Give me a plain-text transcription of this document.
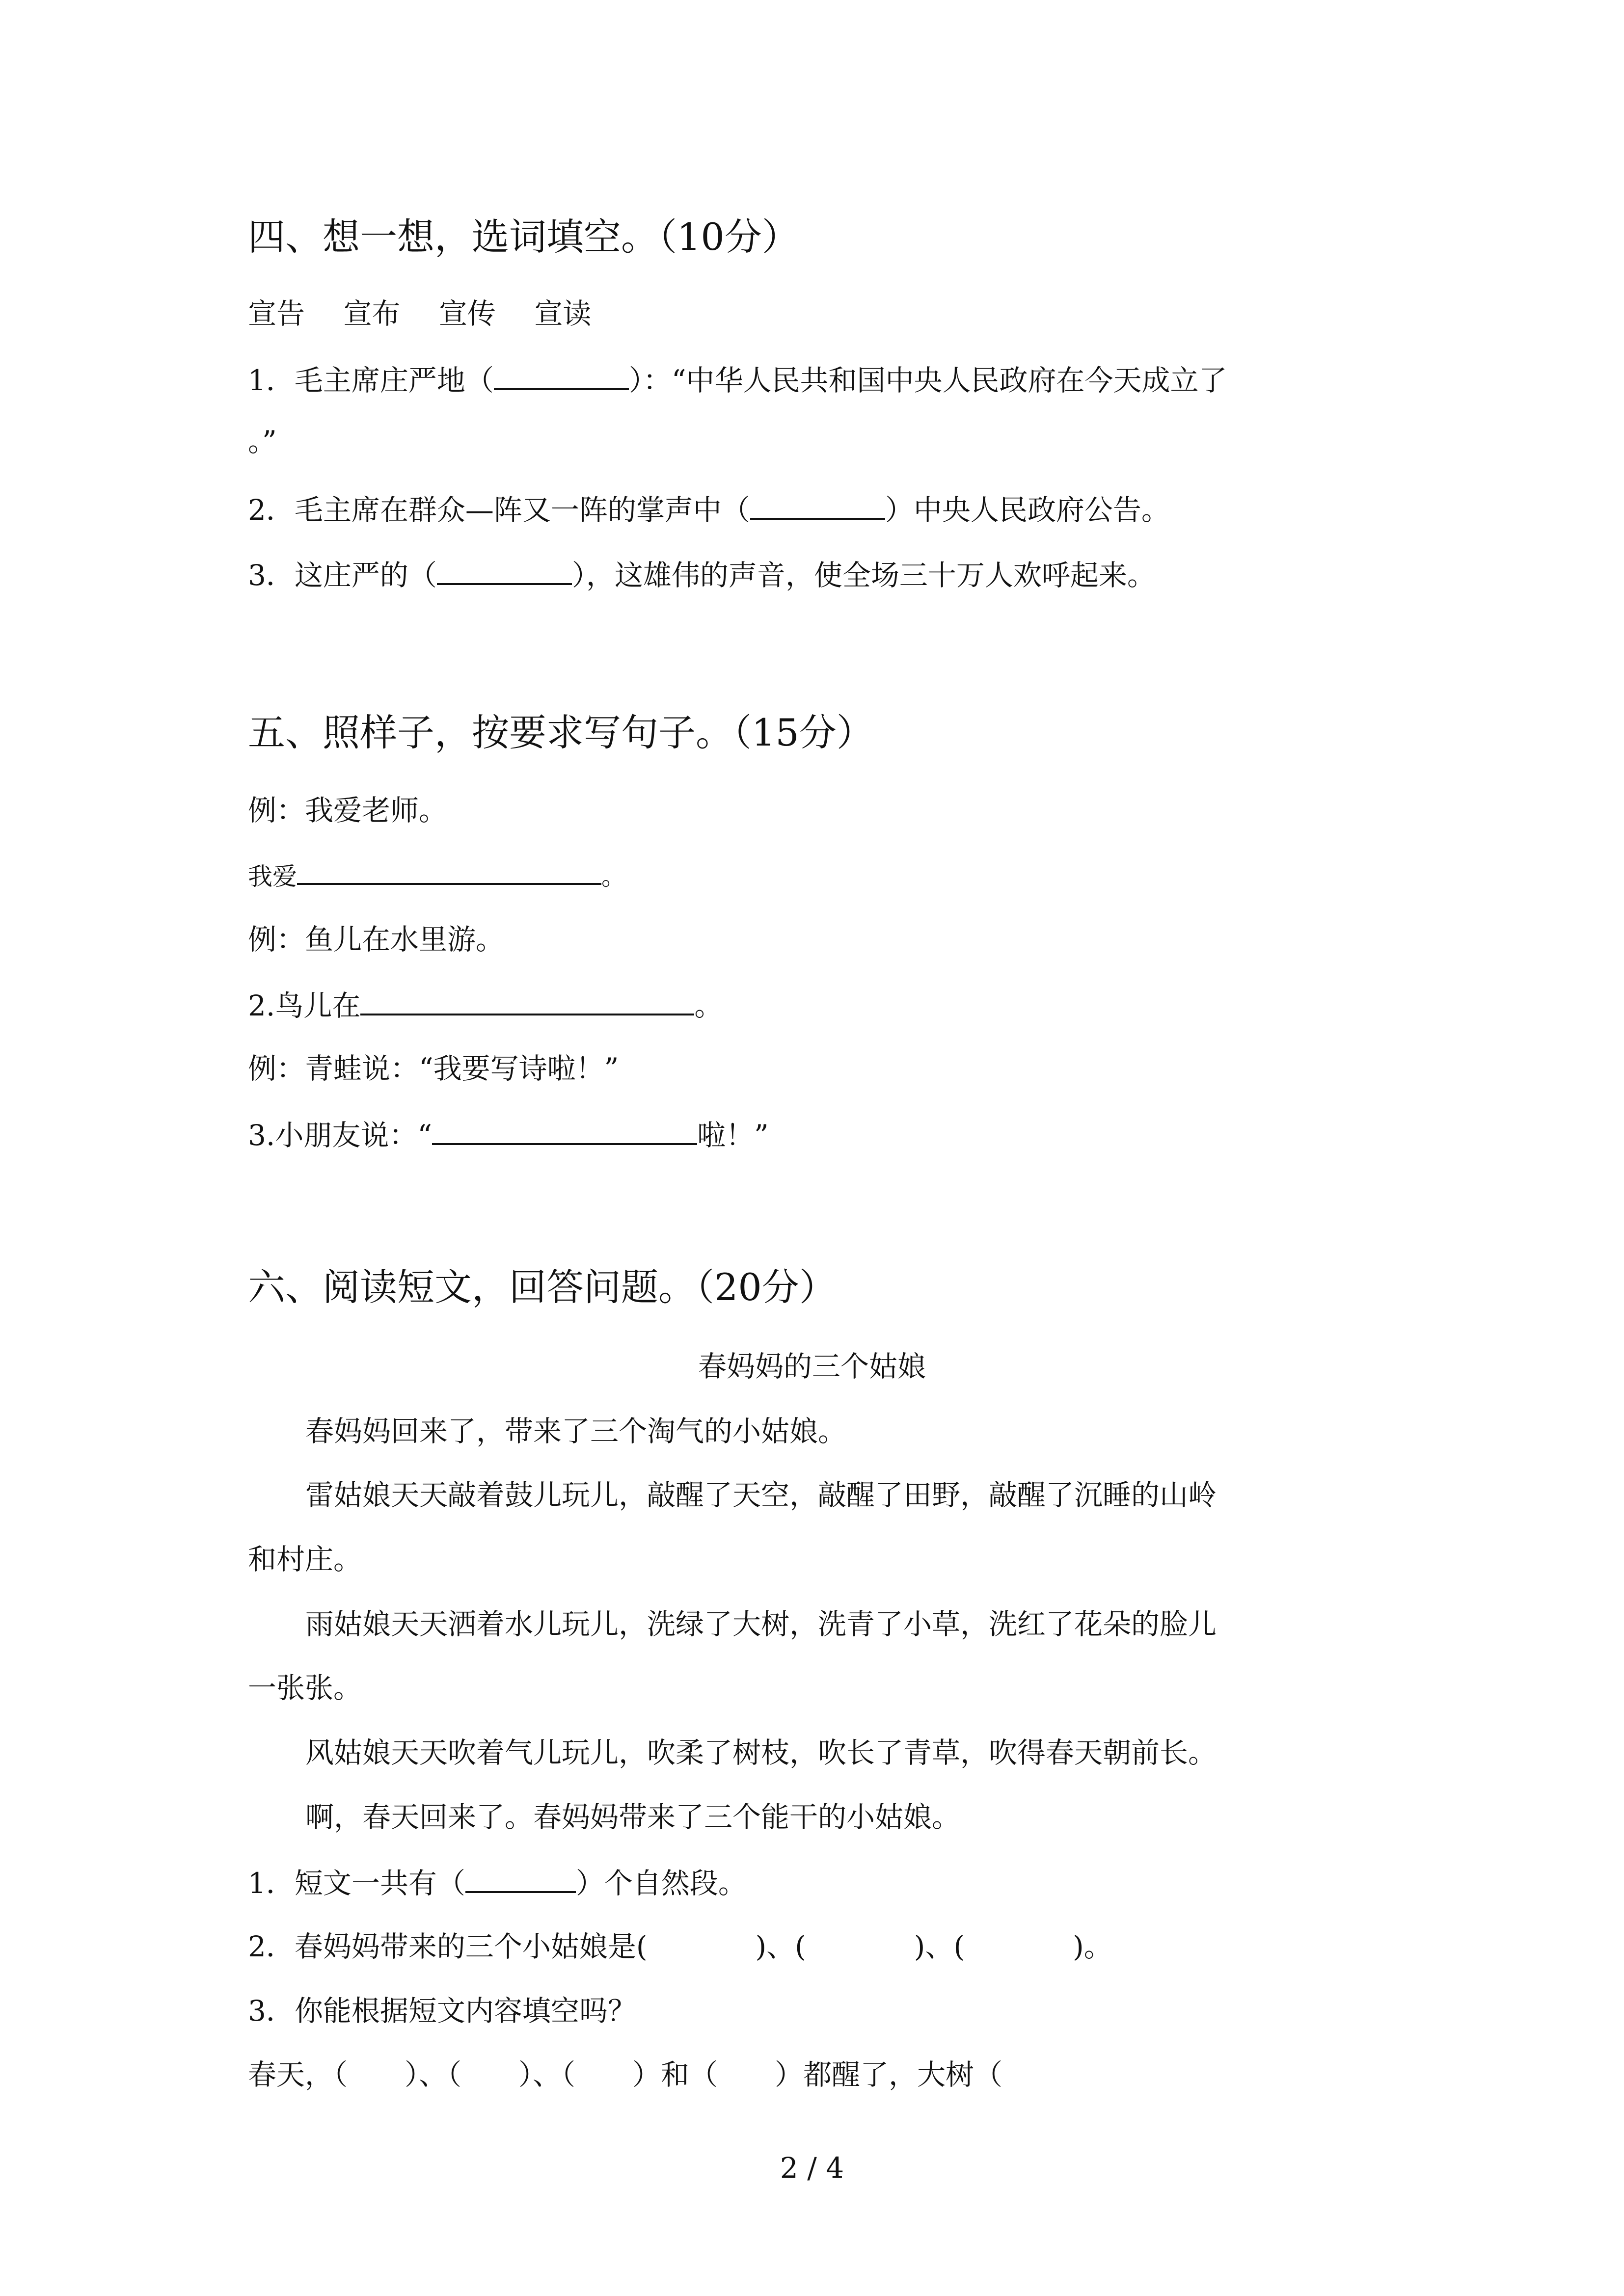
四、想一想，选词填空。（10分）
宣告 宣布 宣传 宣读
1．毛主席庄严地（	）：“中华人民共和国中央人民政府在今天成立了
。”
2．毛主席在群众—阵又一阵的掌声中（	）中央人民政府公告。
3．这庄严的（	），这雄伟的声音，使全场三十万人欢呼起来。
五、照样子，按要求写句子。（15分）
例：我爱老师。
我爱	。
例：鱼儿在水里游。
2.鸟儿在	。
例：青蛙说：“我要写诗啦！”
3.小朋友说：“	啦！”
六、阅读短文，回答问题。（20分）
春妈妈的三个姑娘
春妈妈回来了，带来了三个淘气的小姑娘。
雷姑娘天天敲着鼓儿玩儿，敲醒了天空，敲醒了田野，敲醒了沉睡的山岭
和村庄。
雨姑娘天天洒着水儿玩儿，洗绿了大树，洗青了小草，洗红了花朵的脸儿
一张张。
风姑娘天天吹着气儿玩儿，吹柔了树枝，吹长了青草，吹得春天朝前长。
啊，春天回来了。春妈妈带来了三个能干的小姑娘。
1．短文一共有（	）个自然段。
2．春妈妈带来的三个小姑娘是(	)、(	)、(	)。
3．你能根据短文内容填空吗？
春天，（　　）、（　　）、（　　）和（　　）都醒了，大树（
2 / 4
